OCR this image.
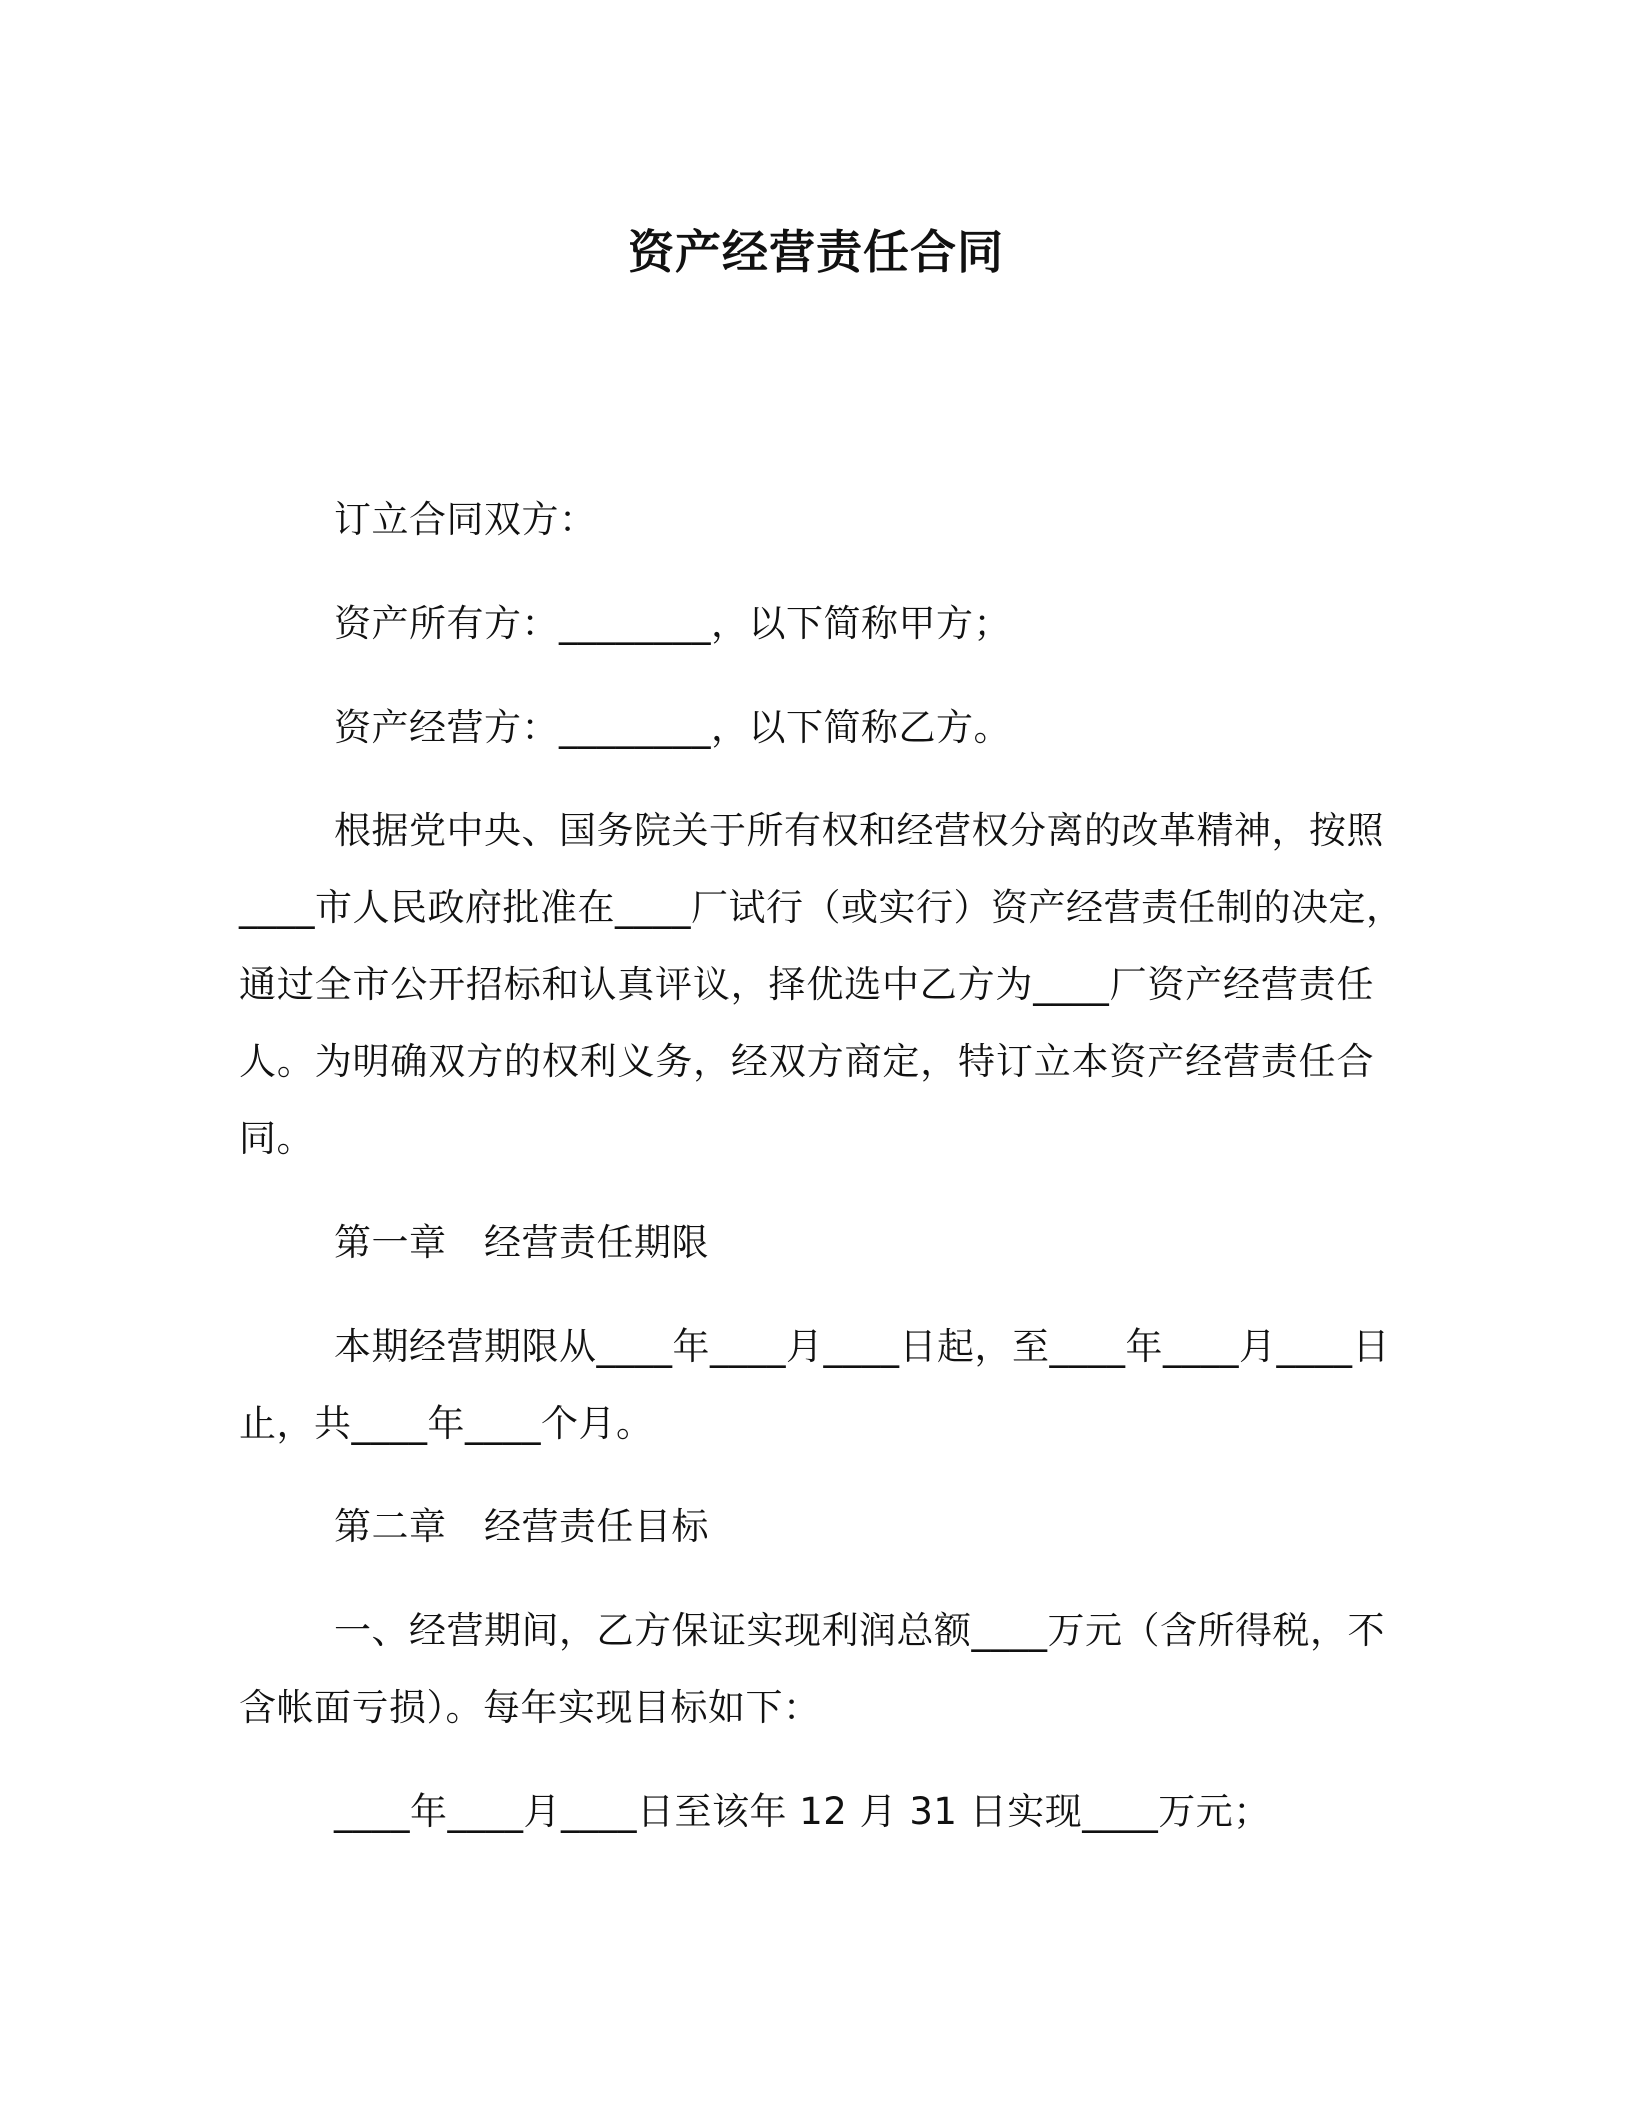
资产经营责任合同
订立合同双方：
资产所有方：________，以下简称甲方；
资产经营方：________，以下简称乙方。
根据党中央、国务院关于所有权和经营权分离的改革精神，按照
____市人民政府批准在____厂试行（或实行）资产经营责任制的决定，
通过全市公开招标和认真评议，择优选中乙方为____厂资产经营责任
人。为明确双方的权利义务，经双方商定，特订立本资产经营责任合
同。
第一章　经营责任期限
本期经营期限从____年____月____日起，至____年____月____日
止，共____年____个月。
第二章　经营责任目标
一、经营期间，乙方保证实现利润总额____万元（含所得税，不
含帐面亏损）。每年实现目标如下：
____年____月____日至该年 12 月 31 日实现____万元；
